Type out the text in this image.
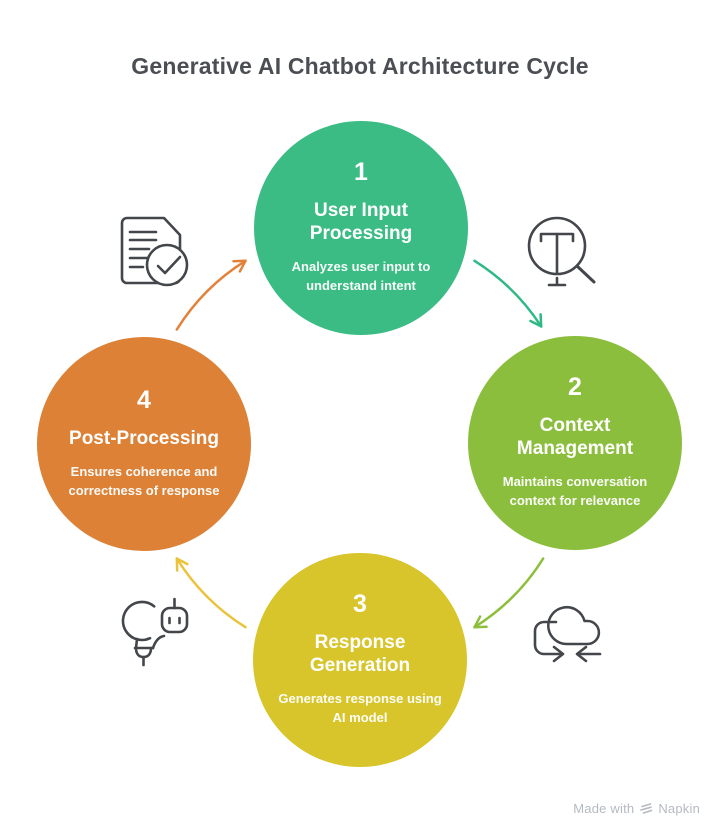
Generative AI Chatbot Architecture Cycle
1
User Input Processing
Analyzes user input to understand intent
2
Context Management
Maintains conversation context for relevance
3
Response Generation
Generates response using AI model
4
Post-Processing
Ensures coherence and correctness of response
Made with Napkin
